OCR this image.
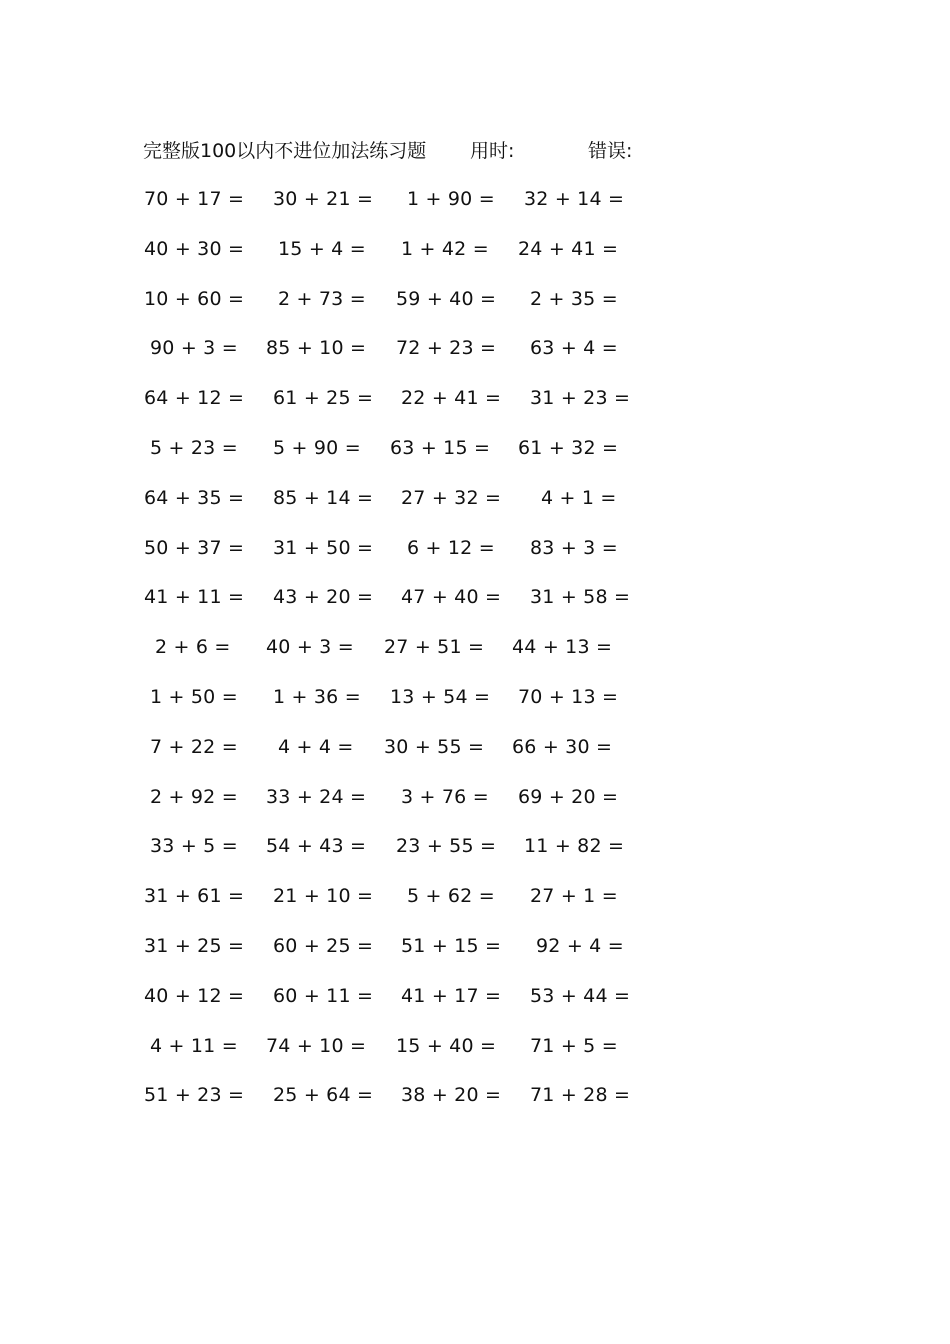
完整版100以内不进位加法练习题 用时:	错误:
70 + 17 = 30 + 21 = 1 + 90 = 32 + 14 =
40 + 30 = 15 + 4 = 1 + 42 = 24 + 41 =
10 + 60 = 2 + 73 = 59 + 40 = 2 + 35 =
90 + 3 = 85 + 10 = 72 + 23 = 63 + 4 =
64 + 12 = 61 + 25 = 22 + 41 = 31 + 23 =
5 + 23 = 5 + 90 = 63 + 15 = 61 + 32 =
64 + 35 = 85 + 14 = 27 + 32 = 4 + 1 =
50 + 37 = 31 + 50 = 6 + 12 = 83 + 3 =
41 + 11 = 43 + 20 = 47 + 40 = 31 + 58 =
2 + 6 = 40 + 3 = 27 + 51 = 44 + 13 =
1 + 50 = 1 + 36 = 13 + 54 = 70 + 13 =
7 + 22 = 4 + 4 = 30 + 55 = 66 + 30 =
2 + 92 = 33 + 24 = 3 + 76 = 69 + 20 =
33 + 5 = 54 + 43 = 23 + 55 = 11 + 82 =
31 + 61 = 21 + 10 = 5 + 62 = 27 + 1 =
31 + 25 = 60 + 25 = 51 + 15 = 92 + 4 =
40 + 12 = 60 + 11 = 41 + 17 = 53 + 44 =
4 + 11 = 74 + 10 = 15 + 40 = 71 + 5 =
51 + 23 = 25 + 64 = 38 + 20 = 71 + 28 =
